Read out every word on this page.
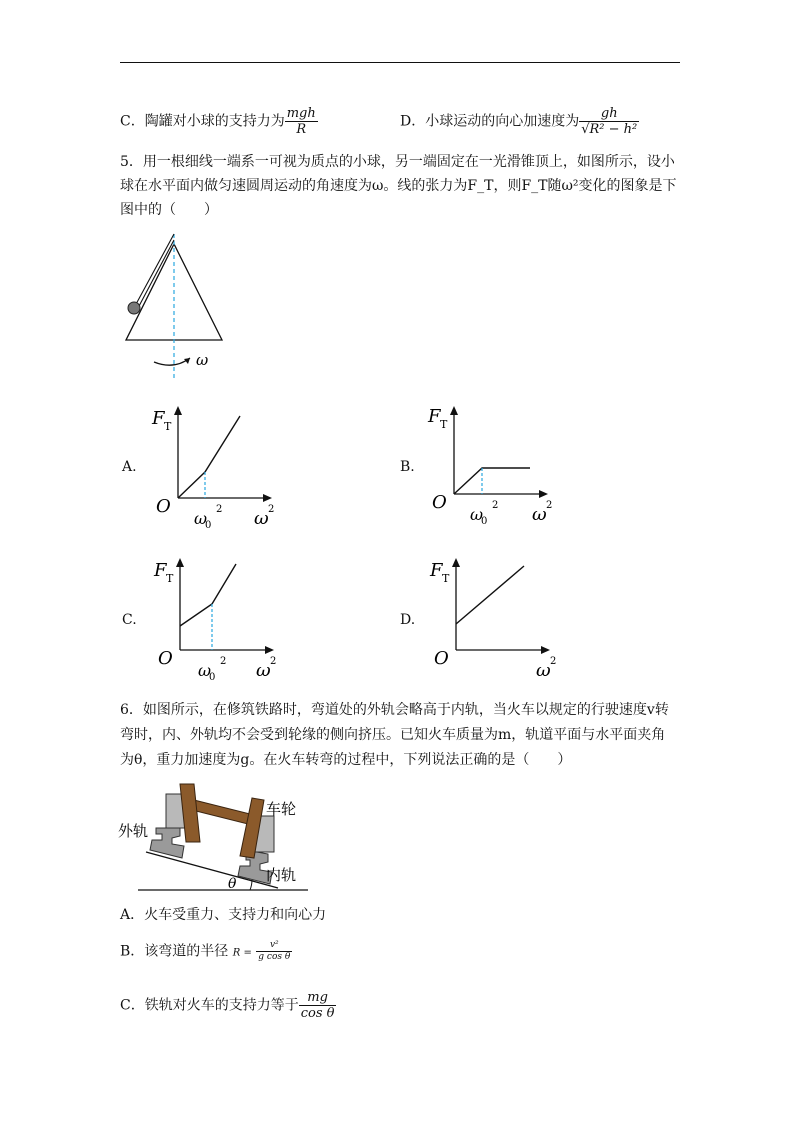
C．陶罐对小球的支持力为 $\frac{\text{mgh}}{R}$	D．小球运动的向心加速度为 $\frac{gh}{\text{√R² − h²}}$
5．用一根细线一端系一可视为质点的小球，另一端固定在一光滑锥顶上，如图所示，设小
球在水平面内做匀速圆周运动的角速度为ω。线的张力为F_T，则F_T随ω²变化的图象是下
图中的（　　）
ω
A.
F T
O
ω
0
2 ω 2
B.
F T
O
ω
0
2 ω 2
C.
F T
O
ω
0
2 ω 2
D.
F T
O
ω 2
6．如图所示，在修筑铁路时，弯道处的外轨会略高于内轨，当火车以规定的行驶速度v转
弯时，内、外轨均不会受到轮缘的侧向挤压。已知火车质量为m，轨道平面与水平面夹角
为θ，重力加速度为g。在火车转弯的过程中，下列说法正确的是（　　）
θ
车轮
外轨
内轨
A．火车受重力、支持力和向心力
B．该弯道的半径 $R = \frac{\text{v²}}{\text{g cos θ}}$
C．铁轨对火车的支持力等于 $\frac{mg}{\text{cos θ}}$
